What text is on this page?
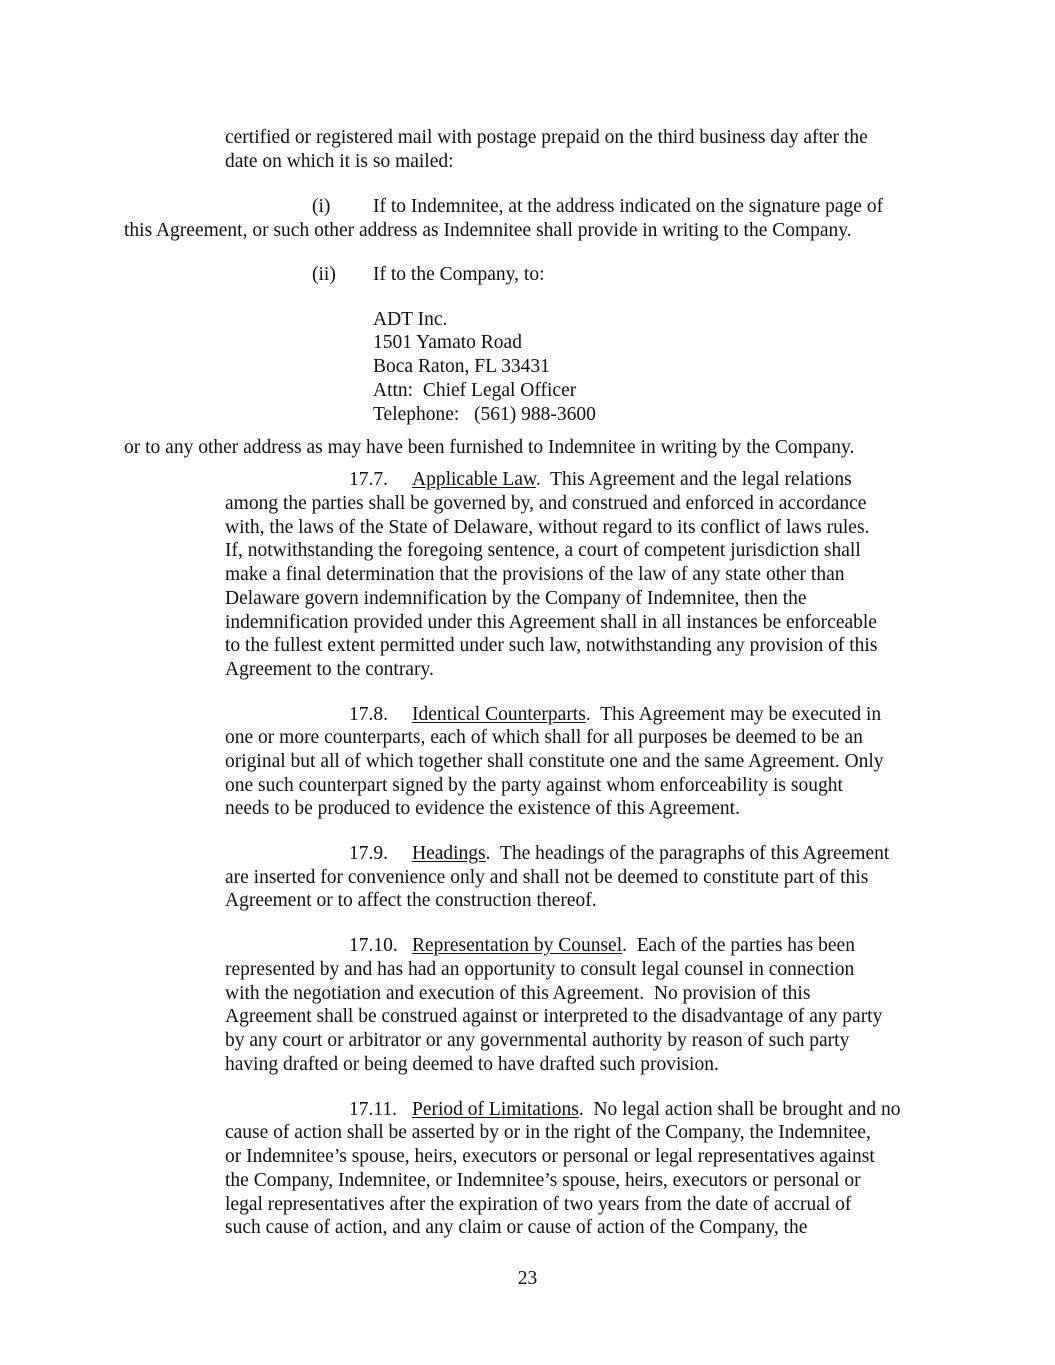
certified or registered mail with postage prepaid on the third business day after the
date on which it is so mailed:
(i) If to Indemnitee, at the address indicated on the signature page of
this Agreement, or such other address as Indemnitee shall provide in writing to the Company.
(ii) If to the Company, to:
ADT Inc.
1501 Yamato Road
Boca Raton, FL 33431
Attn:  Chief Legal Officer
Telephone:   (561) 988-3600
or to any other address as may have been furnished to Indemnitee in writing by the Company.
17.7. Applicable Law.  This Agreement and the legal relations
among the parties shall be governed by, and construed and enforced in accordance
with, the laws of the State of Delaware, without regard to its conflict of laws rules.
If, notwithstanding the foregoing sentence, a court of competent jurisdiction shall
make a final determination that the provisions of the law of any state other than
Delaware govern indemnification by the Company of Indemnitee, then the
indemnification provided under this Agreement shall in all instances be enforceable
to the fullest extent permitted under such law, notwithstanding any provision of this
Agreement to the contrary.
17.8. Identical Counterparts.  This Agreement may be executed in
one or more counterparts, each of which shall for all purposes be deemed to be an
original but all of which together shall constitute one and the same Agreement. Only
one such counterpart signed by the party against whom enforceability is sought
needs to be produced to evidence the existence of this Agreement.
17.9. Headings.  The headings of the paragraphs of this Agreement
are inserted for convenience only and shall not be deemed to constitute part of this
Agreement or to affect the construction thereof.
17.10. Representation by Counsel.  Each of the parties has been
represented by and has had an opportunity to consult legal counsel in connection
with the negotiation and execution of this Agreement.  No provision of this
Agreement shall be construed against or interpreted to the disadvantage of any party
by any court or arbitrator or any governmental authority by reason of such party
having drafted or being deemed to have drafted such provision.
17.11. Period of Limitations.  No legal action shall be brought and no
cause of action shall be asserted by or in the right of the Company, the Indemnitee,
or Indemnitee’s spouse, heirs, executors or personal or legal representatives against
the Company, Indemnitee, or Indemnitee’s spouse, heirs, executors or personal or
legal representatives after the expiration of two years from the date of accrual of
such cause of action, and any claim or cause of action of the Company, the
23
